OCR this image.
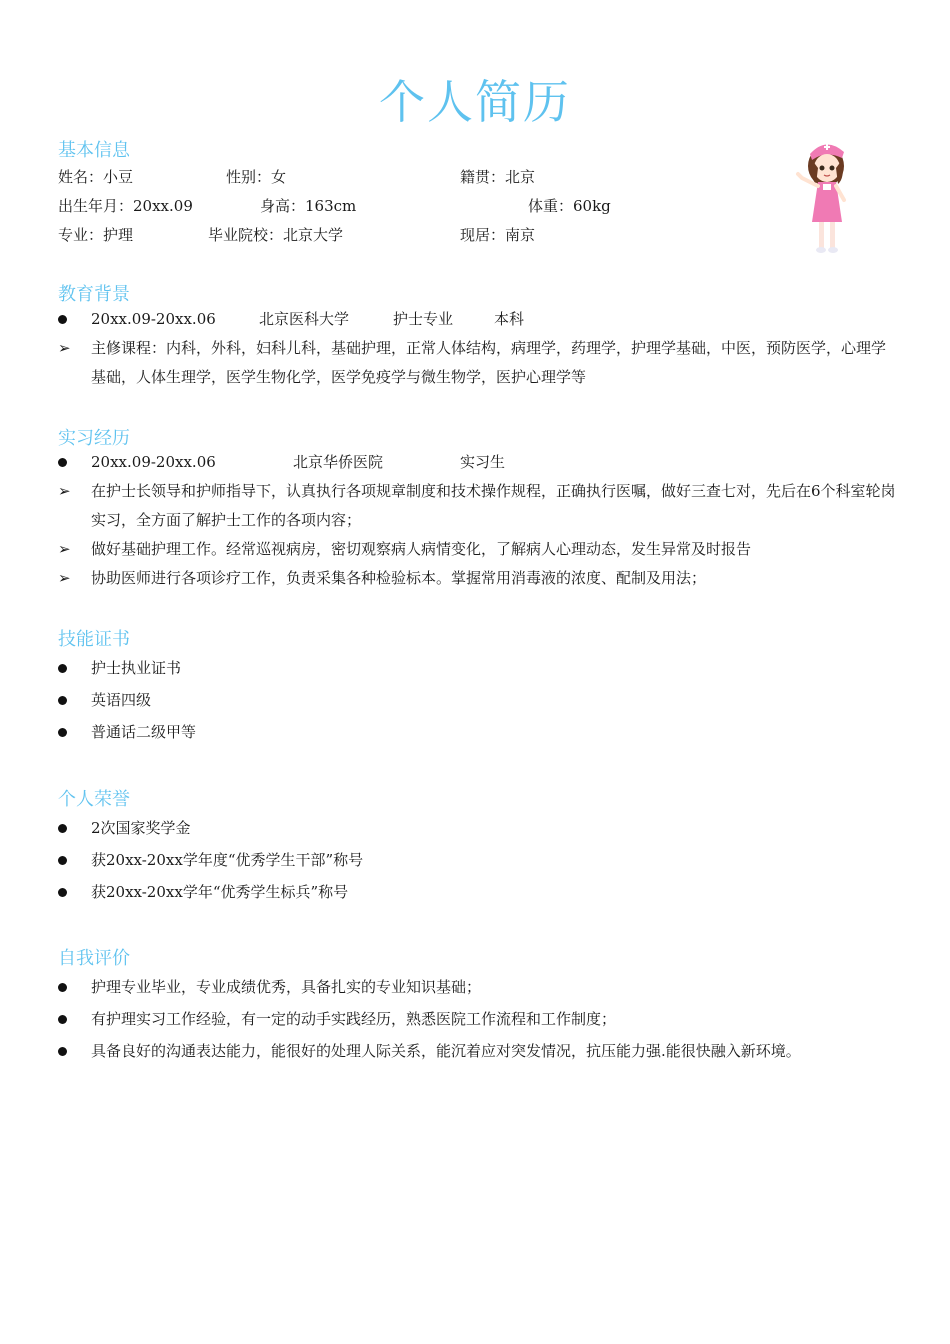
个人简历
基本信息
姓名：小豆	性别：女	籍贯：北京
出生年月：20xx.09	身高：163cm	体重：60kg
专业：护理	毕业院校：北京大学	现居：南京
教育背景
20xx.09-20xx.06	北京医科大学	护士专业	本科
➢ 主修课程：内科，外科，妇科儿科，基础护理，正常人体结构，病理学，药理学，护理学基础，中医，预防医学，心理学基础，人体生理学，医学生物化学，医学免疫学与微生物学，医护心理学等
实习经历
20xx.09-20xx.06	北京华侨医院	实习生
➢ 在护士长领导和护师指导下，认真执行各项规章制度和技术操作规程，正确执行医嘱，做好三查七对，先后在6个科室轮岗实习，全方面了解护士工作的各项内容；
➢ 做好基础护理工作。经常巡视病房，密切观察病人病情变化，了解病人心理动态，发生异常及时报告
➢ 协助医师进行各项诊疗工作，负责采集各种检验标本。掌握常用消毒液的浓度、配制及用法；
技能证书
护士执业证书
英语四级
普通话二级甲等
个人荣誉
2次国家奖学金
获20xx-20xx学年度“优秀学生干部”称号
获20xx-20xx学年“优秀学生标兵”称号
自我评价
护理专业毕业，专业成绩优秀，具备扎实的专业知识基础；
有护理实习工作经验，有一定的动手实践经历，熟悉医院工作流程和工作制度；
具备良好的沟通表达能力，能很好的处理人际关系，能沉着应对突发情况，抗压能力强.能很快融入新环境。
